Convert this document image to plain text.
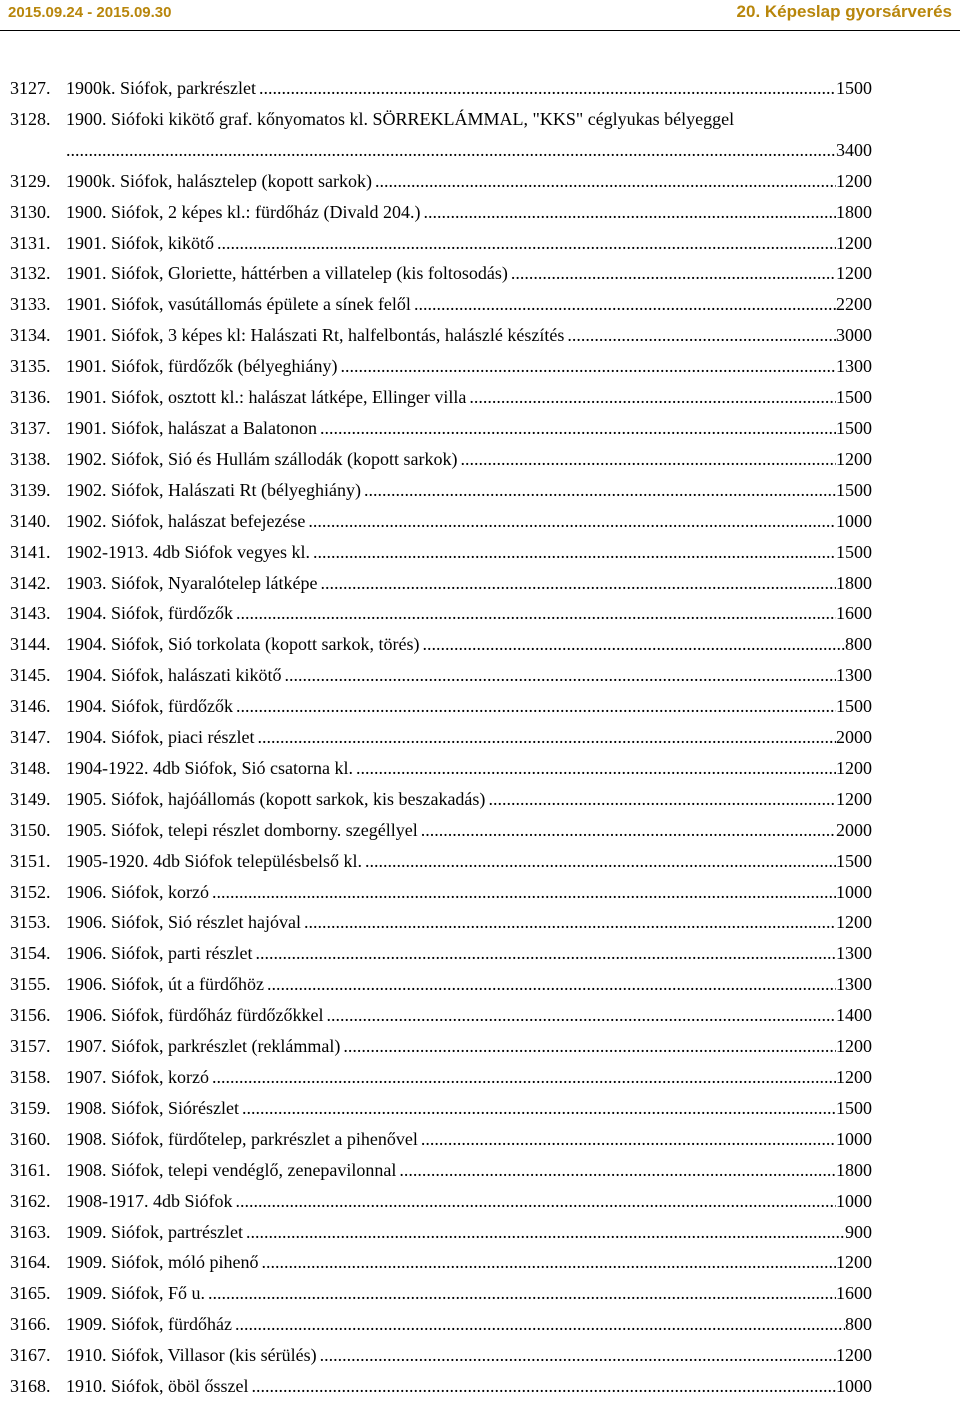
2015.09.24 - 2015.09.30	20. Képeslap gyorsárverés
3127. 1900k. Siófok, parkrészlet .....	1500
3128. 1900. Siófoki kikötő graf. kőnyomatos kl. SÖRREKLÁMMAL, "KKS" céglyukas bélyeggel
.....
3400
3129. 1900k. Siófok, halásztelep (kopott sarkok) .....	1200
3130. 1900. Siófok, 2 képes kl.: fürdőház (Divald 204.) .....	1800
3131. 1901. Siófok, kikötő .....	1200
3132. 1901. Siófok, Gloriette, háttérben a villatelep (kis foltosodás) .....	1200
3133. 1901. Siófok, vasútállomás épülete a sínek felől .....	2200
3134. 1901. Siófok, 3 képes kl: Halászati Rt, halfelbontás, halászlé készítés .....	3000
3135. 1901. Siófok, fürdőzők (bélyeghiány) .....	1300
3136. 1901. Siófok, osztott kl.: halászat látképe, Ellinger villa .....	1500
3137. 1901. Siófok, halászat a Balatonon .....	1500
3138. 1902. Siófok, Sió és Hullám szállodák (kopott sarkok) .....	1200
3139. 1902. Siófok, Halászati Rt (bélyeghiány) .....	1500
3140. 1902. Siófok, halászat befejezése .....	1000
3141. 1902-1913. 4db Siófok vegyes kl. .....	1500
3142. 1903. Siófok, Nyaralótelep látképe .....	1800
3143. 1904. Siófok, fürdőzők .....	1600
3144. 1904. Siófok, Sió torkolata (kopott sarkok, törés) .....	800
3145. 1904. Siófok, halászati kikötő .....	1300
3146. 1904. Siófok, fürdőzők .....	1500
3147. 1904. Siófok, piaci részlet .....	2000
3148. 1904-1922. 4db Siófok, Sió csatorna kl. .....	1200
3149. 1905. Siófok, hajóállomás (kopott sarkok, kis beszakadás) .....	1200
3150. 1905. Siófok, telepi részlet domborny. szegéllyel .....	2000
3151. 1905-1920. 4db Siófok településbelső kl. .....	1500
3152. 1906. Siófok, korzó .....	1000
3153. 1906. Siófok, Sió részlet hajóval .....	1200
3154. 1906. Siófok, parti részlet .....	1300
3155. 1906. Siófok, út a fürdőhöz .....	1300
3156. 1906. Siófok, fürdőház fürdőzőkkel .....	1400
3157. 1907. Siófok, parkrészlet (reklámmal) .....	1200
3158. 1907. Siófok, korzó .....	1200
3159. 1908. Siófok, Siórészlet .....	1500
3160. 1908. Siófok, fürdőtelep, parkrészlet a pihenővel .....	1000
3161. 1908. Siófok, telepi vendéglő, zenepavilonnal .....	1800
3162. 1908-1917. 4db Siófok .....	1000
3163. 1909. Siófok, partrészlet .....	900
3164. 1909. Siófok, móló pihenő .....	1200
3165. 1909. Siófok, Fő u. .....	1600
3166. 1909. Siófok, fürdőház .....	800
3167. 1910. Siófok, Villasor (kis sérülés) .....	1200
3168. 1910. Siófok, öböl ősszel .....	1000
